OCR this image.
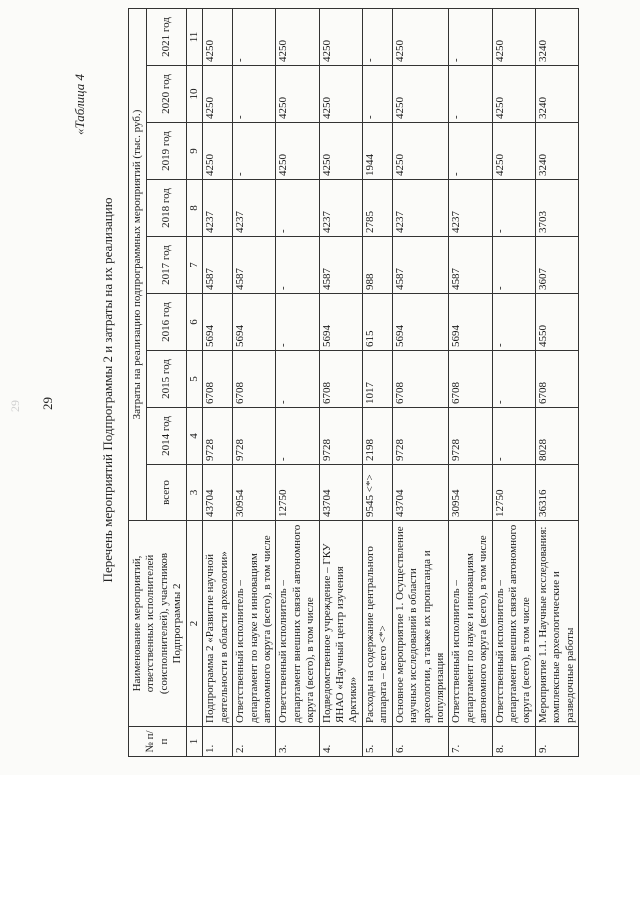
29 29
«Таблица 4
Перечень мероприятий Подпрограммы 2 и затраты на их реализацию
№ п/п	Наименование мероприятий, ответственных исполнителей (соисполнителей), участников Подпрограммы 2	Затраты на реализацию подпрограммных мероприятий (тыс. руб.)								
		всего	2014 год	2015 год	2016 год	2017 год	2018 год	2019 год	2020 год	2021 год
1	2	3	4	5	6	7	8	9	10	11
1.	Подпрограмма 2 «Развитие научной деятельности в области археологии»	43704	9728	6708	5694	4587	4237	4250	4250	4250
2.	Ответственный исполнитель – департамент по науке и инновациям автономного округа (всего), в том числе	30954	9728	6708	5694	4587	4237	-	-	-
3.	Ответственный исполнитель – департамент внешних связей автономного округа (всего), в том числе	12750	-	-	-	-	-	4250	4250	4250
4.	Подведомственное учреждение – ГКУ ЯНАО «Научный центр изучения Арктики»	43704	9728	6708	5694	4587	4237	4250	4250	4250
5.	Расходы на содержание центрального аппарата – всего <*>	9545 <*>	2198	1017	615	988	2785	1944	-	-
6.	Основное мероприятие 1. Осуществление научных исследований в области археологии, а также их пропаганда и популяризация	43704	9728	6708	5694	4587	4237	4250	4250	4250
7.	Ответственный исполнитель – департамент по науке и инновациям автономного округа (всего), в том числе	30954	9728	6708	5694	4587	4237	-	-	-
8.	Ответственный исполнитель – департамент внешних связей автономного округа (всего), в том числе	12750	-	-	-	-	-	4250	4250	4250
9.	Мероприятие 1.1. Научные исследования: комплексные археологические и разведочные работы	36316	8028	6708	4550	3607	3703	3240	3240	3240
